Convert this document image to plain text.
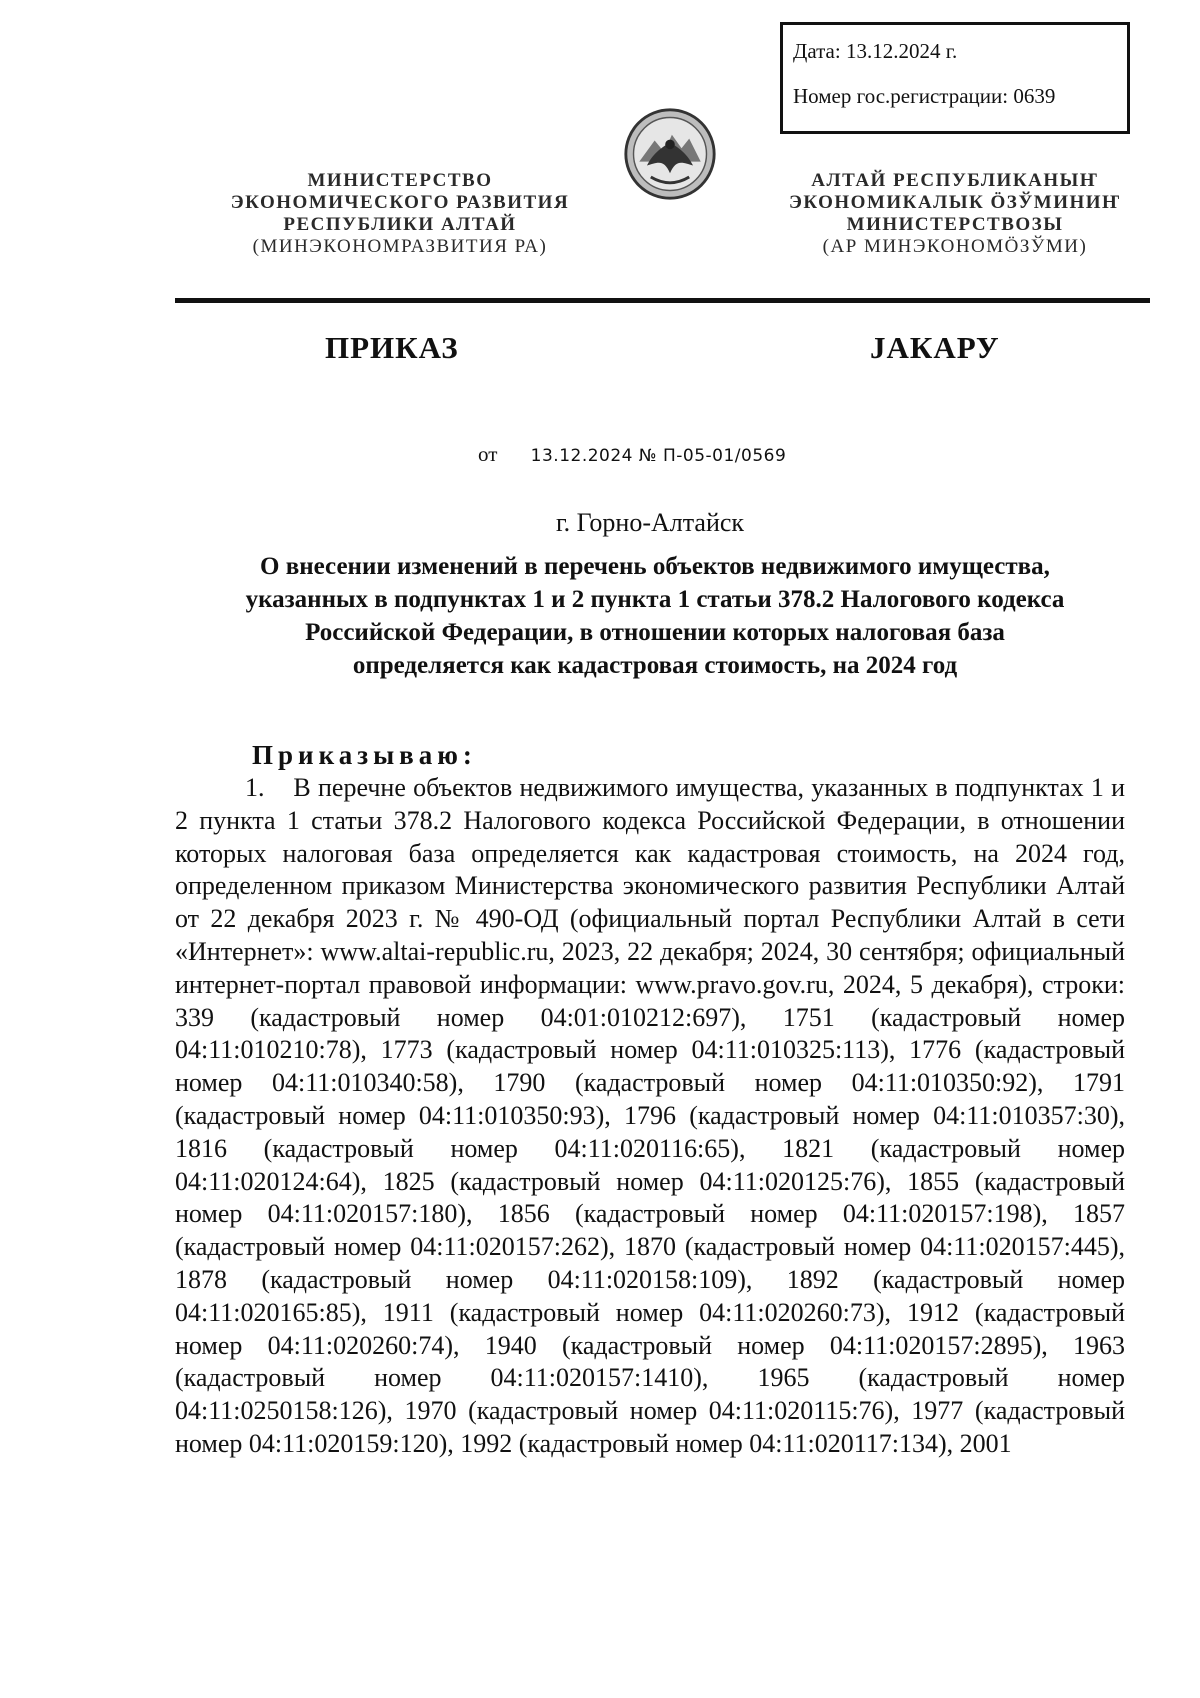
Дата: 13.12.2024 г.
Номер гос.регистрации: 0639
МИНИСТЕРСТВО
ЭКОНОМИЧЕСКОГО РАЗВИТИЯ
РЕСПУБЛИКИ АЛТАЙ
(МИНЭКОНОМРАЗВИТИЯ РА)
АЛТАЙ РЕСПУБЛИКАНЫҤ
ЭКОНОМИКАЛЫК ÖЗЎМИНИҤ
МИНИСТЕРСТВОЗЫ
(АР МИНЭКОНОМÖЗЎМИ)
ПРИКАЗ	JАКАРУ
от 13.12.2024 № П-05-01/0569
г. Горно-Алтайск
О внесении изменений в перечень объектов недвижимого имущества, указанных в подпунктах 1 и 2 пункта 1 статьи 378.2 Налогового кодекса Российской Федерации, в отношении которых налоговая база определяется как кадастровая стоимость, на 2024 год
Приказываю:
1.    В перечне объектов недвижимого имущества, указанных в подпунктах 1 и 2 пункта 1 статьи 378.2 Налогового кодекса Российской Федерации, в отношении которых налоговая база определяется как кадастровая стоимость, на 2024 год, определенном приказом Министерства экономического развития Республики Алтай от 22 декабря 2023 г. № 490-ОД (официальный портал Республики Алтай в сети «Интернет»: www.altai-republic.ru, 2023, 22 декабря; 2024, 30 сентября; официальный интернет-портал правовой информации: www.pravo.gov.ru, 2024, 5 декабря), строки: 339 (кадастровый номер 04:01:010212:697), 1751 (кадастровый номер 04:11:010210:78), 1773 (кадастровый номер 04:11:010325:113), 1776 (кадастровый номер 04:11:010340:58), 1790 (кадастровый номер 04:11:010350:92), 1791 (кадастровый номер 04:11:010350:93), 1796 (кадастровый номер 04:11:010357:30), 1816 (кадастровый номер 04:11:020116:65), 1821 (кадастровый номер 04:11:020124:64), 1825 (кадастровый номер 04:11:020125:76), 1855 (кадастровый номер 04:11:020157:180), 1856 (кадастровый номер 04:11:020157:198), 1857 (кадастровый номер 04:11:020157:262), 1870 (кадастровый номер 04:11:020157:445), 1878 (кадастровый номер 04:11:020158:109), 1892 (кадастровый номер 04:11:020165:85), 1911 (кадастровый номер 04:11:020260:73), 1912 (кадастровый номер 04:11:020260:74), 1940 (кадастровый номер 04:11:020157:2895), 1963 (кадастровый номер 04:11:020157:1410), 1965 (кадастровый номер 04:11:0250158:126), 1970 (кадастровый номер 04:11:020115:76), 1977 (кадастровый номер 04:11:020159:120), 1992 (кадастровый номер 04:11:020117:134), 2001
